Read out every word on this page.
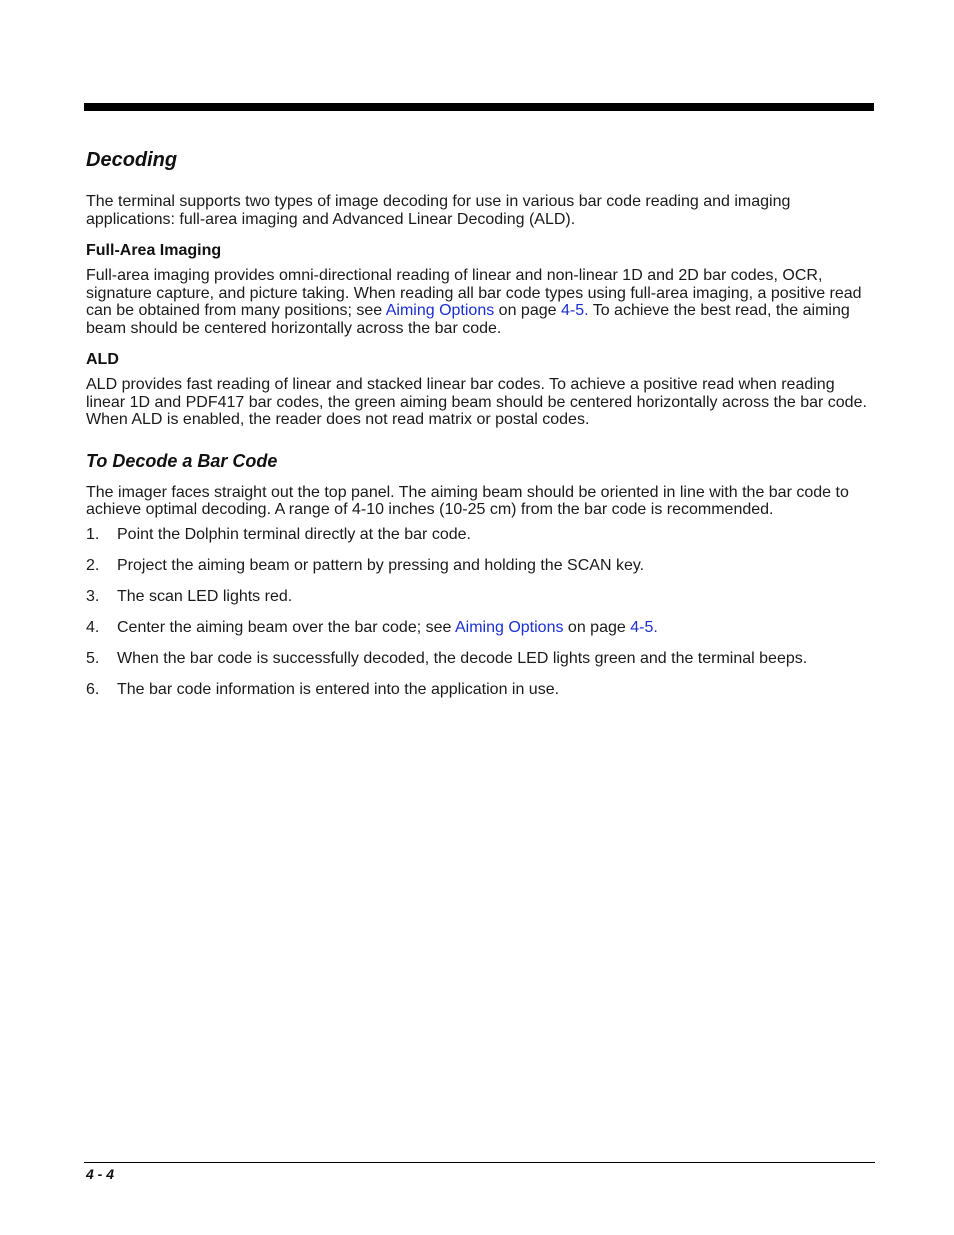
Decoding

The terminal supports two types of image decoding for use in various bar code reading and imaging applications: full-area imaging and Advanced Linear Decoding (ALD).

Full-Area Imaging

Full-area imaging provides omni-directional reading of linear and non-linear 1D and 2D bar codes, OCR, signature capture, and picture taking. When reading all bar code types using full-area imaging, a positive read can be obtained from many positions; see Aiming Options on page 4-5. To achieve the best read, the aiming beam should be centered horizontally across the bar code.

ALD

ALD provides fast reading of linear and stacked linear bar codes. To achieve a positive read when reading linear 1D and PDF417 bar codes, the green aiming beam should be centered horizontally across the bar code. When ALD is enabled, the reader does not read matrix or postal codes.

To Decode a Bar Code

The imager faces straight out the top panel. The aiming beam should be oriented in line with the bar code to achieve optimal decoding. A range of 4-10 inches (10-25 cm) from the bar code is recommended.

1. Point the Dolphin terminal directly at the bar code.
2. Project the aiming beam or pattern by pressing and holding the SCAN key.
3. The scan LED lights red.
4. Center the aiming beam over the bar code; see Aiming Options on page 4-5.
5. When the bar code is successfully decoded, the decode LED lights green and the terminal beeps.
6. The bar code information is entered into the application in use.
4 - 4
